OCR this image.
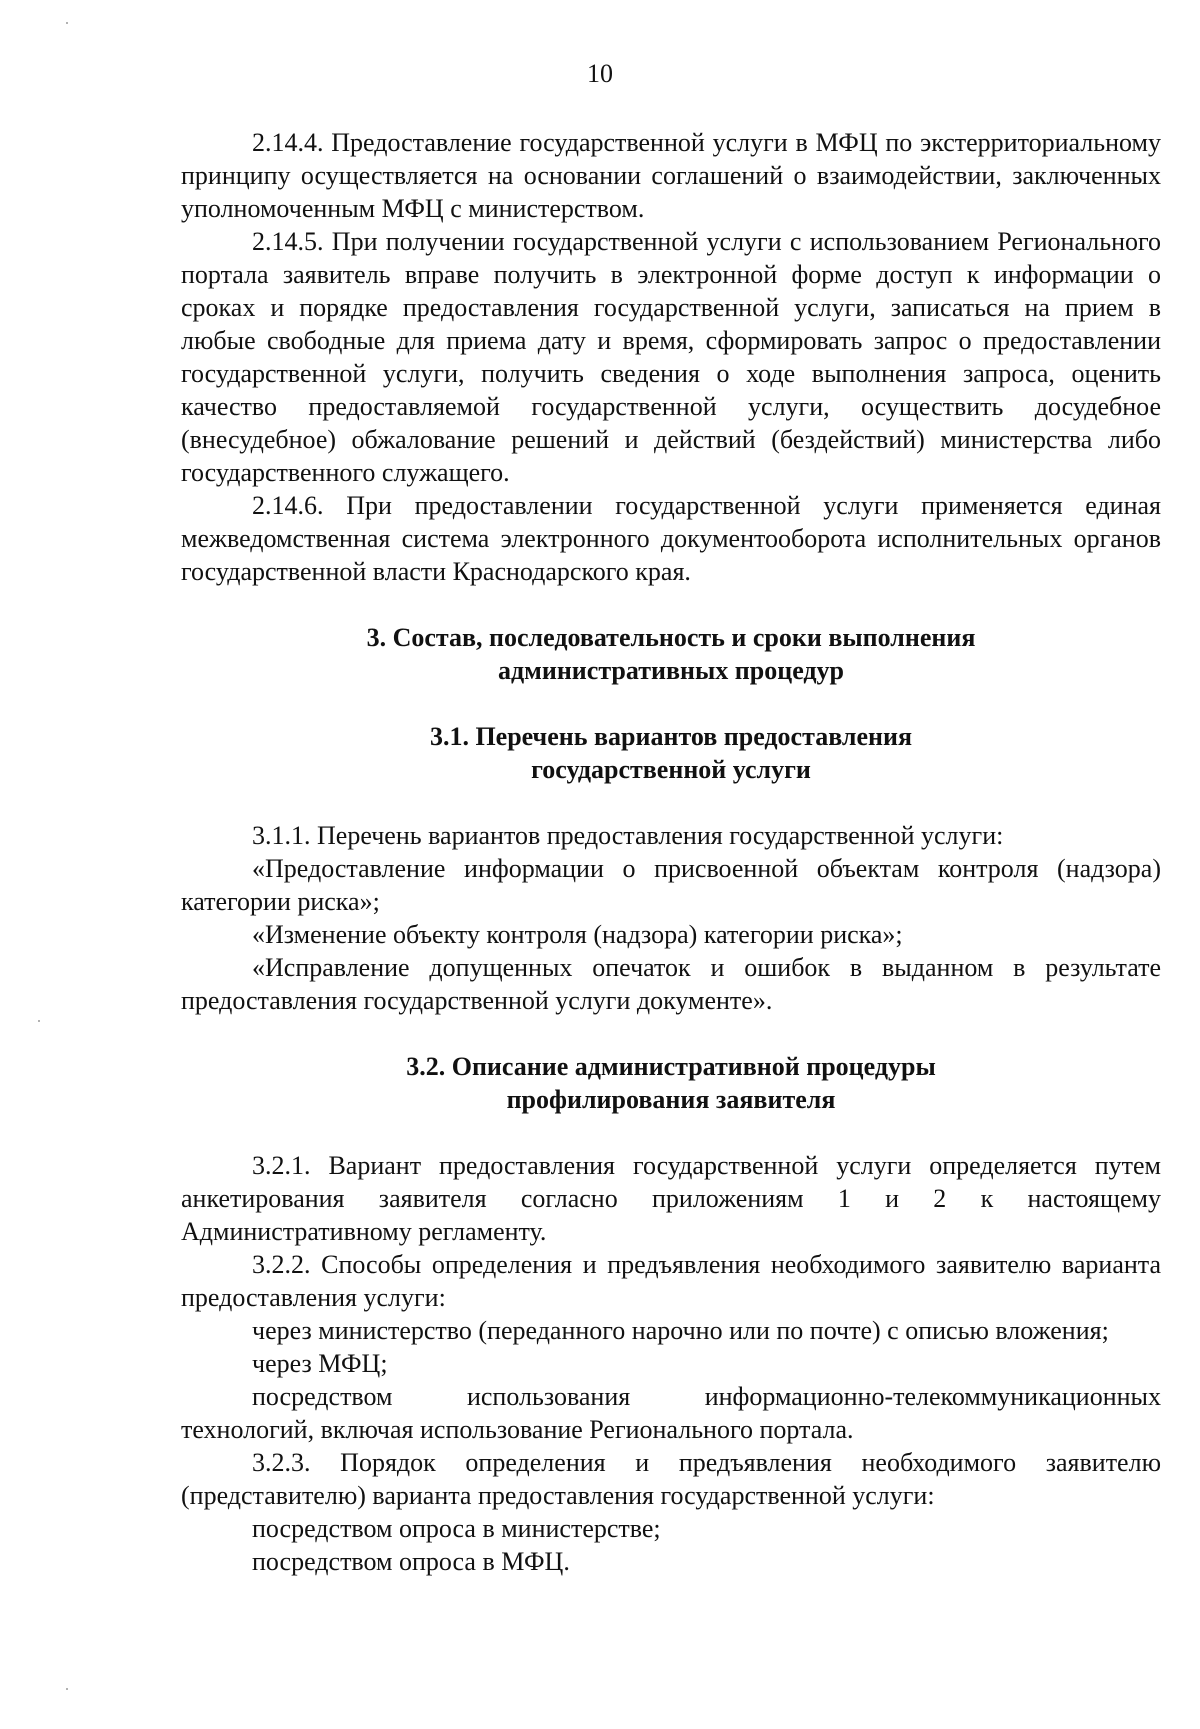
10

2.14.4. Предоставление государственной услуги в МФЦ по экстерриториальному принципу осуществляется на основании соглашений о взаимодействии, заключенных уполномоченным МФЦ с министерством.

2.14.5. При получении государственной услуги с использованием Регионального портала заявитель вправе получить в электронной форме доступ к информации о сроках и порядке предоставления государственной услуги, записаться на прием в любые свободные для приема дату и время, сформировать запрос о предоставлении государственной услуги, получить сведения о ходе выполнения запроса, оценить качество предоставляемой государственной услуги, осуществить досудебное (внесудебное) обжалование решений и действий (бездействий) министерства либо государственного служащего.

2.14.6. При предоставлении государственной услуги применяется единая межведомственная система электронного документооборота исполнительных органов государственной власти Краснодарского края.

3. Состав, последовательность и сроки выполнения
административных процедур
3.1. Перечень вариантов предоставления
государственной услуги

3.1.1. Перечень вариантов предоставления государственной услуги:

«Предоставление информации о присвоенной объектам контроля (надзора) категории риска»;

«Изменение объекту контроля (надзора) категории риска»;

«Исправление допущенных опечаток и ошибок в выданном в результате предоставления государственной услуги документе».

3.2. Описание административной процедуры
профилирования заявителя

3.2.1. Вариант предоставления государственной услуги определяется путем анкетирования заявителя согласно приложениям 1 и 2 к настоящему Административному регламенту.

3.2.2. Способы определения и предъявления необходимого заявителю варианта предоставления услуги:

через министерство (переданного нарочно или по почте) с описью вложения;

через МФЦ;

посредством использования информационно-телекоммуникационных технологий, включая использование Регионального портала.

3.2.3. Порядок определения и предъявления необходимого заявителю (представителю) варианта предоставления государственной услуги:

посредством опроса в министерстве;

посредством опроса в МФЦ.
